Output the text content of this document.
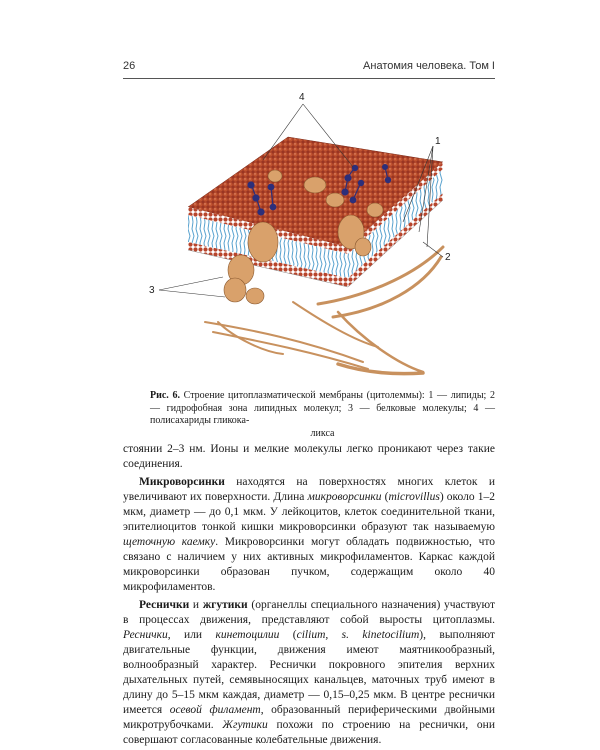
26	Анатомия человека. Том I
4
1
2
3
Рис. 6. Строение цитоплазматической мембраны (цитолеммы): 1 — липиды; 2 — гидрофобная зона липидных молекул; 3 — белковые молекулы; 4 — полисахариды гликока-
ликса

стоянии 2–3 нм. Ионы и мелкие молекулы легко проникают через такие соединения.

Микроворсинки находятся на поверхностях многих клеток и увеличивают их поверхности. Длина микроворсинки (microvillus) около 1–2 мкм, диаметр — до 0,1 мкм. У лейкоцитов, клеток соединительной ткани, эпителиоцитов тонкой кишки микроворсинки образуют так называемую щеточную каемку. Микроворсинки могут обладать подвижностью, что связано с наличием у них активных микрофиламентов. Каркас каждой микроворсинки образован пучком, содержащим около 40 микрофиламентов.

Реснички и жгутики (органеллы специального назначения) участвуют в процессах движения, представляют собой выросты цитоплазмы. Реснички, или кинетоцилии (cilium, s. kinetocilium), выполняют двигательные функции, движения имеют маятникообразный, волнообразный характер. Реснички покровного эпителия верхних дыхательных путей, семявыносящих канальцев, маточных труб имеют в длину до 5–15 мкм каждая, диаметр — 0,15–0,25 мкм. В центре реснички имеется осевой филамент, образованный периферическими двойными микротрубочками. Жгутики похожи по строению на реснички, они совершают согласованные колебательные движения.
